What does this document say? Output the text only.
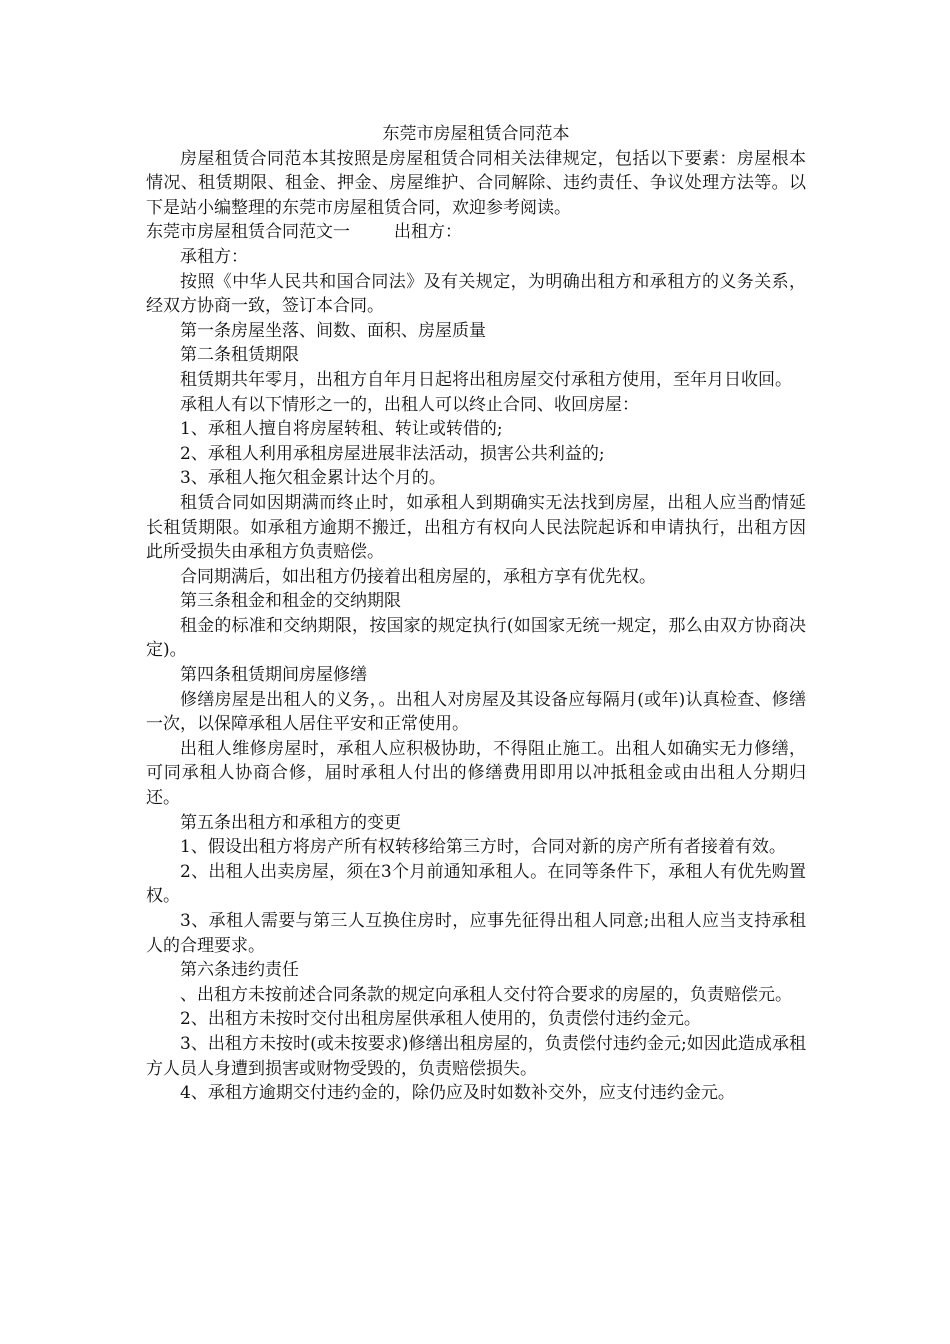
东莞市房屋租赁合同范本

房屋租赁合同范本其按照是房屋租赁合同相关法律规定，包括以下要素：房屋根本情况、租赁期限、租金、押金、房屋维护、合同解除、违约责任、争议处理方法等。以下是站小编整理的东莞市房屋租赁合同，欢迎参考阅读。

东莞市房屋租赁合同范文一	出租方：

承租方：

按照《中华人民共和国合同法》及有关规定，为明确出租方和承租方的义务关系，经双方协商一致，签订本合同。

第一条房屋坐落、间数、面积、房屋质量

第二条租赁期限

租赁期共年零月，出租方自年月日起将出租房屋交付承租方使用，至年月日收回。

承租人有以下情形之一的，出租人可以终止合同、收回房屋：

1、承租人擅自将房屋转租、转让或转借的;

2、承租人利用承租房屋进展非法活动，损害公共利益的;

3、承租人拖欠租金累计达个月的。

租赁合同如因期满而终止时，如承租人到期确实无法找到房屋，出租人应当酌情延长租赁期限。如承租方逾期不搬迁，出租方有权向人民法院起诉和申请执行，出租方因此所受损失由承租方负责赔偿。

合同期满后，如出租方仍接着出租房屋的，承租方享有优先权。

第三条租金和租金的交纳期限

租金的标准和交纳期限，按国家的规定执行(如国家无统一规定，那么由双方协商决定)。

第四条租赁期间房屋修缮

修缮房屋是出租人的义务，。出租人对房屋及其设备应每隔月(或年)认真检查、修缮一次，以保障承租人居住平安和正常使用。

出租人维修房屋时，承租人应积极协助，不得阻止施工。出租人如确实无力修缮，可同承租人协商合修，届时承租人付出的修缮费用即用以冲抵租金或由出租人分期归还。

第五条出租方和承租方的变更

1、假设出租方将房产所有权转移给第三方时，合同对新的房产所有者接着有效。

2、出租人出卖房屋，须在3个月前通知承租人。在同等条件下，承租人有优先购置权。

3、承租人需要与第三人互换住房时，应事先征得出租人同意;出租人应当支持承租人的合理要求。

第六条违约责任

、出租方未按前述合同条款的规定向承租人交付符合要求的房屋的，负责赔偿元。

2、出租方未按时交付出租房屋供承租人使用的，负责偿付违约金元。

3、出租方未按时(或未按要求)修缮出租房屋的，负责偿付违约金元;如因此造成承租方人员人身遭到损害或财物受毁的，负责赔偿损失。

4、承租方逾期交付违约金的，除仍应及时如数补交外，应支付违约金元。
